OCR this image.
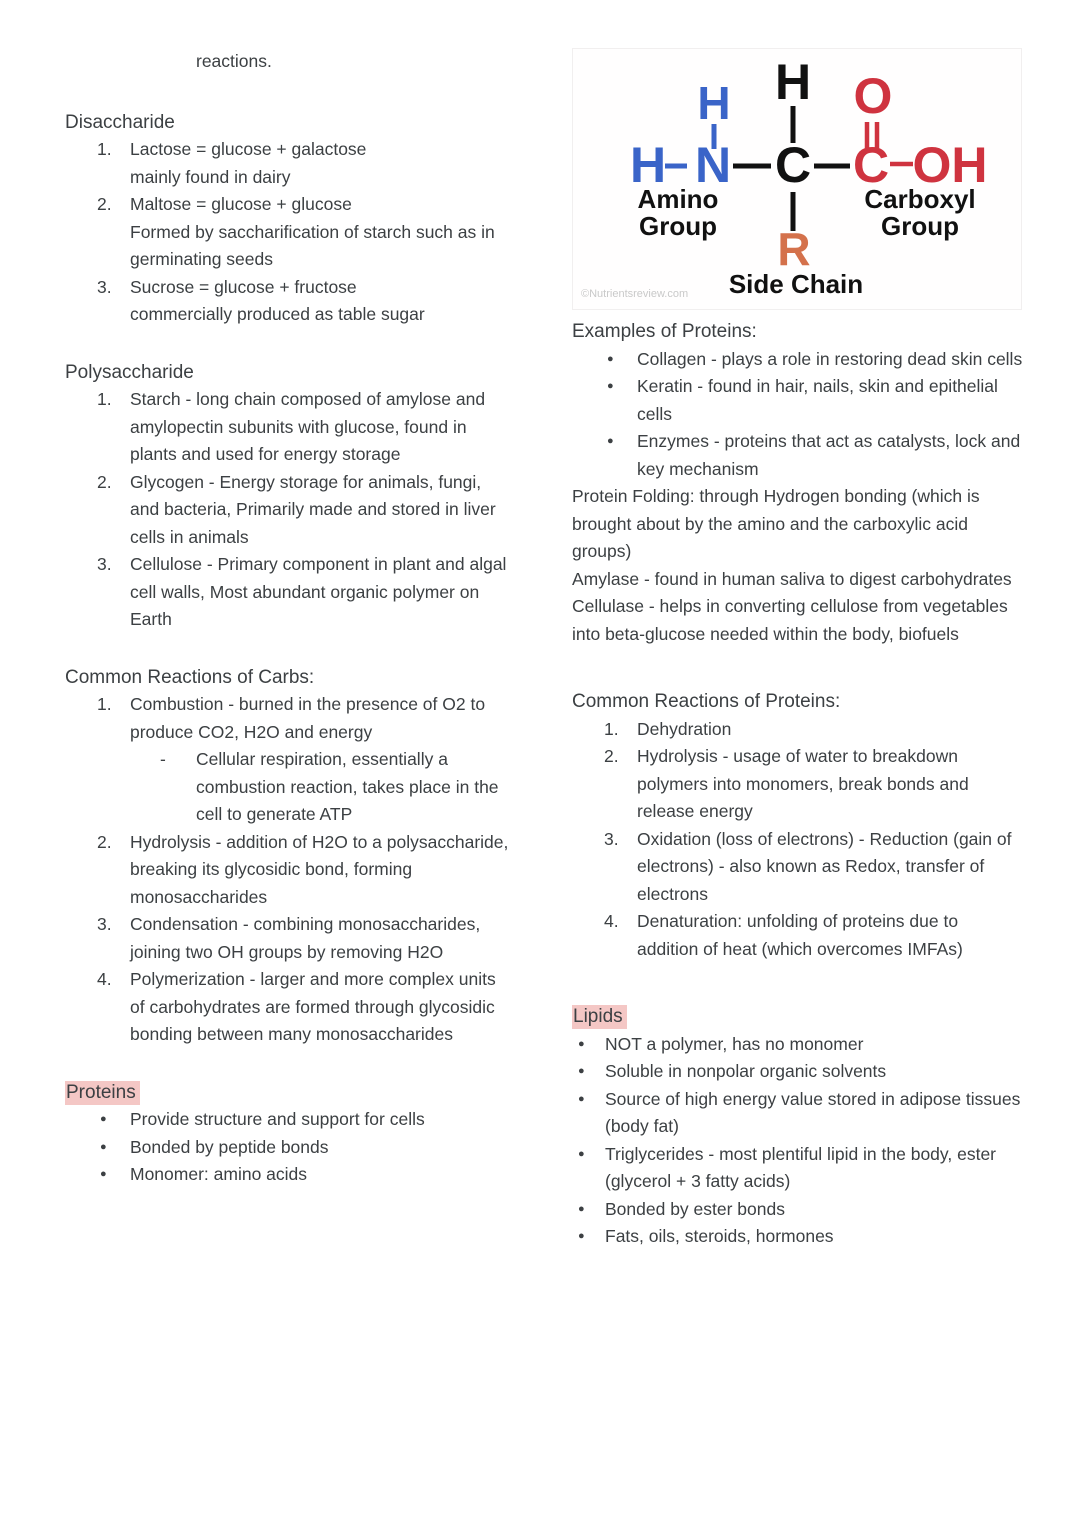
reactions.
Disaccharide
1.	Lactose = glucose + galactose
mainly found in dairy
2.	Maltose = glucose + glucose
Formed by saccharification of starch such as in germinating seeds
3.	Sucrose = glucose + fructose
commercially produced as table sugar
Polysaccharide
1.	Starch - long chain composed of amylose and amylopectin subunits with glucose, found in plants and used for energy storage
2.	Glycogen - Energy storage for animals, fungi, and bacteria, Primarily made and stored in liver cells in animals
3.	Cellulose - Primary component in plant and algal cell walls, Most abundant organic polymer on Earth
Common Reactions of Carbs:
1.	Combustion - burned in the presence of O2 to produce CO2, H2O and energy
-	Cellular respiration, essentially a combustion reaction, takes place in the cell to generate ATP
2.	Hydrolysis - addition of H2O to a polysaccharide, breaking its glycosidic bond, forming monosaccharides
3.	Condensation - combining monosaccharides, joining two OH groups by removing H2O
4.	Polymerization - larger and more complex units of carbohydrates are formed through glycosidic bonding between many monosaccharides
Proteins
●	Provide structure and support for cells
●	Bonded by peptide bonds
●	Monomer: amino acids
H
H
H N C C
O
OH
R
Amino
Group
Carboxyl
Group
Side Chain
©Nutrientsreview.com
Examples of Proteins:
●	Collagen - plays a role in restoring dead skin cells
●	Keratin - found in hair, nails, skin and epithelial cells
●	Enzymes - proteins that act as catalysts, lock and key mechanism

Protein Folding: through Hydrogen bonding (which is brought about by the amino and the carboxylic acid groups)

Amylase - found in human saliva to digest carbohydrates

Cellulase - helps in converting cellulose from vegetables into beta-glucose needed within the body, biofuels

Common Reactions of Proteins:
1.	Dehydration
2.	Hydrolysis - usage of water to breakdown polymers into monomers, break bonds and release energy
3.	Oxidation (loss of electrons) - Reduction (gain of electrons) - also known as Redox, transfer of electrons
4.	Denaturation: unfolding of proteins due to addition of heat (which overcomes IMFAs)
Lipids
●	NOT a polymer, has no monomer
●	Soluble in nonpolar organic solvents
●	Source of high energy value stored in adipose tissues (body fat)
●	Triglycerides - most plentiful lipid in the body, ester (glycerol + 3 fatty acids)
●	Bonded by ester bonds
●	Fats, oils, steroids, hormones
